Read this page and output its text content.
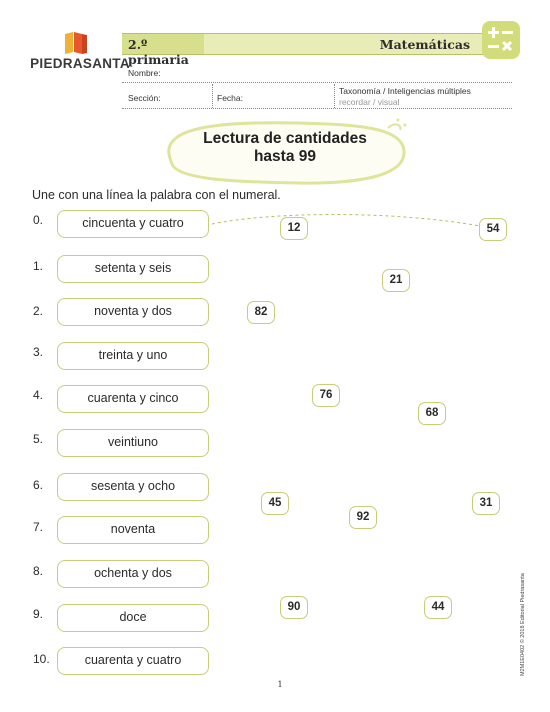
PIEDRASANTA
2.º primaria
Matemáticas
Nombre:
Sección:	Fecha:
Taxonomía / Inteligencias múltiples
recordar / visual
Lectura de cantidades
hasta 99
Une con una línea la palabra con el numeral.
0.	cincuenta y cuatro
1.	setenta y seis
2.	noventa y dos
3.	treinta y uno
4.	cuarenta y cinco
5.	veintiuno
6.	sesenta y ocho
7.	noventa
8.	ochenta y dos
9.	doce
10.	cuarenta y cuatro
12	54
21
82
76
68
45
92
31
90	44
1
M2M1E0402 © 2018 Editorial Piedrasanta
